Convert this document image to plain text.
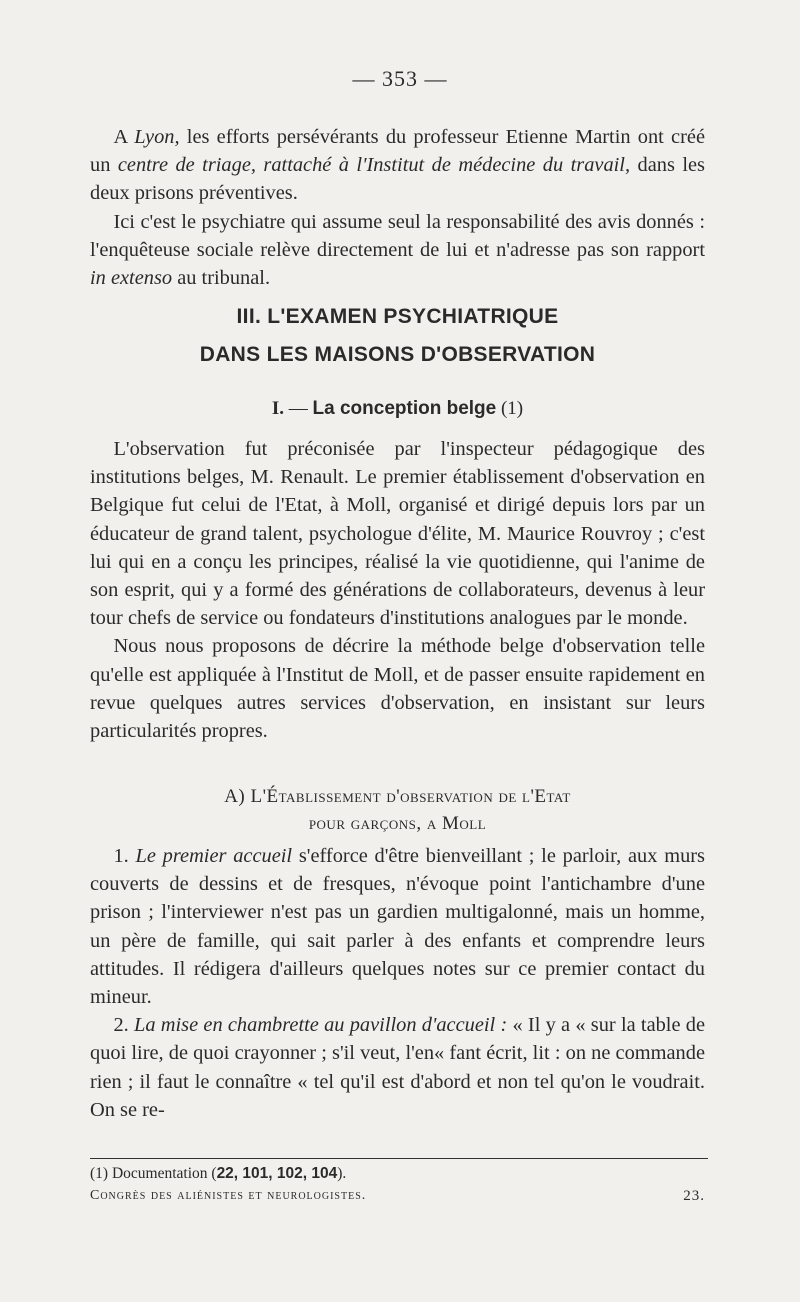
— 353 —

A Lyon, les efforts persévérants du professeur Etienne Martin ont créé un centre de triage, rattaché à l'Institut de médecine du travail, dans les deux prisons préventives.

Ici c'est le psychiatre qui assume seul la responsabilité des avis donnés : l'enquêteuse sociale relève directement de lui et n'adresse pas son rapport in extenso au tribunal.

III. L'EXAMEN PSYCHIATRIQUE
DANS LES MAISONS D'OBSERVATION
I. — La conception belge (1)

L'observation fut préconisée par l'inspecteur pédagogique des institutions belges, M. Renault. Le premier établissement d'observation en Belgique fut celui de l'Etat, à Moll, organisé et dirigé depuis lors par un éducateur de grand talent, psychologue d'élite, M. Maurice Rouvroy ; c'est lui qui en a conçu les principes, réalisé la vie quotidienne, qui l'anime de son esprit, qui y a formé des générations de collaborateurs, devenus à leur tour chefs de service ou fondateurs d'institutions analogues par le monde.

Nous nous proposons de décrire la méthode belge d'observation telle qu'elle est appliquée à l'Institut de Moll, et de passer ensuite rapidement en revue quelques autres services d'observation, en insistant sur leurs particularités propres.

A) L'Établissement d'observation de l'Etat
pour garçons, a Moll

1. Le premier accueil s'efforce d'être bienveillant ; le parloir, aux murs couverts de dessins et de fresques, n'évoque point l'antichambre d'une prison ; l'interviewer n'est pas un gardien multigalonné, mais un homme, un père de famille, qui sait parler à des enfants et comprendre leurs attitudes. Il rédigera d'ailleurs quelques notes sur ce premier contact du mineur.

2. La mise en chambrette au pavillon d'accueil : « Il y a « sur la table de quoi lire, de quoi crayonner ; s'il veut, l'en« fant écrit, lit : on ne commande rien ; il faut le connaître « tel qu'il est d'abord et non tel qu'on le voudrait. On se re-

(1) Documentation (22, 101, 102, 104).
Congrès des aliénistes et neurologistes.	23.
